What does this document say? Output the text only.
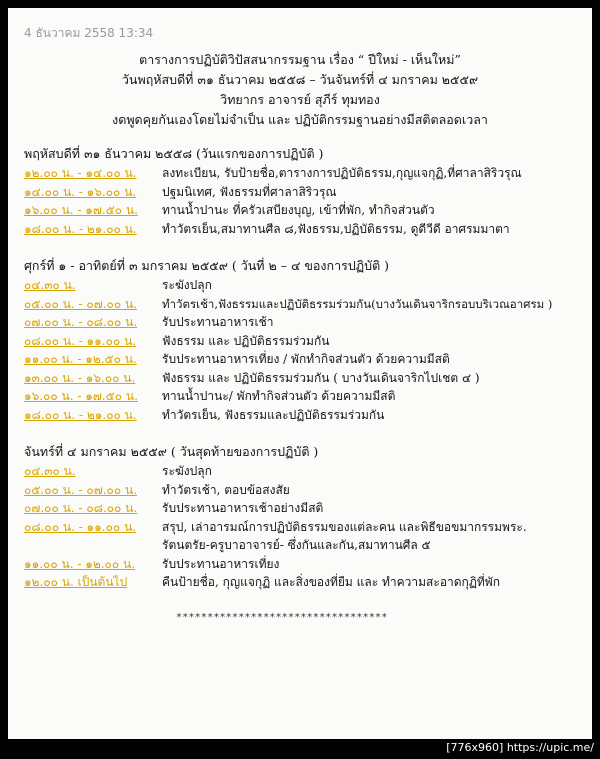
4 ธันวาคม 2558 13:34
ตารางการปฏิบัติวิปัสสนากรรมฐาน เรื่อง “ ปีใหม่ - เห็นใหม่”
วันพฤหัสบดีที่ ๓๑ ธันวาคม ๒๕๕๘ – วันจันทร์ที่ ๔ มกราคม ๒๕๕๙
วิทยากร อาจารย์ สุภีร์ ทุมทอง
งดพูดคุยกันเองโดยไม่จำเป็น และ ปฏิบัติกรรมฐานอย่างมีสติตลอดเวลา
พฤหัสบดีที่ ๓๑ ธันวาคม ๒๕๕๘ (วันแรกของการปฏิบัติ )
๑๒.๐๐ น. - ๑๔.๐๐ น. ลงทะเบียน, รับป้ายชื่อ,ตารางการปฏิบัติธรรม,กุญแจกุฏิ,ที่ศาลาสิริวรุณ
๑๔.๐๐ น. - ๑๖.๐๐ น. ปฐมนิเทศ, ฟังธรรมที่ศาลาสิริวรุณ
๑๖.๐๐ น. - ๑๗.๕๐ น. ทานน้ำปานะ ที่ครัวเสบียงบุญ, เข้าที่พัก, ทำกิจส่วนตัว
๑๘.๐๐ น. - ๒๑.๐๐ น. ทำวัตรเย็น,สมาทานศีล ๘,ฟังธรรม,ปฏิบัติธรรม, ดูดีวีดี อาศรมมาตา
ศุกร์ที่ ๑ - อาทิตย์ที่ ๓ มกราคม ๒๕๕๙ ( วันที่ ๒ – ๔ ของการปฏิบัติ )
๐๔.๓๐ น.	ระฆังปลุก
๐๕.๐๐ น. - ๐๗.๐๐ น. ทำวัตรเช้า,ฟังธรรมและปฏิบัติธรรมร่วมกัน(บางวันเดินจาริกรอบบริเวณอาศรม )
๐๗.๐๐ น. - ๐๘.๐๐ น. รับประทานอาหารเช้า
๐๘.๐๐ น. - ๑๑.๐๐ น. ฟังธรรม และ ปฏิบัติธรรมร่วมกัน
๑๑.๐๐ น. - ๑๒.๕๐ น. รับประทานอาหารเที่ยง / พักทำกิจส่วนตัว ด้วยความมีสติ
๑๓.๐๐ น. - ๑๖.๐๐ น. ฟังธรรม และ ปฏิบัติธรรมร่วมกัน ( บางวันเดินจาริกไปเชต ๔ )
๑๖.๐๐ น. - ๑๗.๕๐ น. ทานน้ำปานะ/ พักทำกิจส่วนตัว ด้วยความมีสติ
๑๘.๐๐ น. - ๒๑.๐๐ น. ทำวัตรเย็น, ฟังธรรมและปฏิบัติธรรมร่วมกัน
จันทร์ที่ ๔ มกราคม ๒๕๕๙ ( วันสุดท้ายของการปฏิบัติ )
๐๔.๓๐ น.	ระฆังปลุก
๐๕.๐๐ น. - ๐๗.๐๐ น. ทำวัตรเช้า, ตอบข้อสงสัย
๐๗.๐๐ น. - ๐๘.๐๐ น. รับประทานอาหารเช้าอย่างมีสติ
๐๘.๐๐ น. - ๑๑.๐๐ น. สรุป, เล่าอารมณ์การปฏิบัติธรรมของแต่ละคน และพิธีขอขมากรรมพระ.
รัตนตรัย-ครูบาอาจารย์- ซึ่งกันและกัน,สมาทานศีล ๕
๑๑.๐๐ น. - ๑๒.๐๐ น. รับประทานอาหารเที่ยง
๑๒.๐๐ น. เป็นต้นไป	คืนป้ายชื่อ, กุญแจกุฏิ และสิ่งของที่ยืม และ ทำความสะอาดกุฏิที่พัก
**********************************
[776x960] https://upic.me/
